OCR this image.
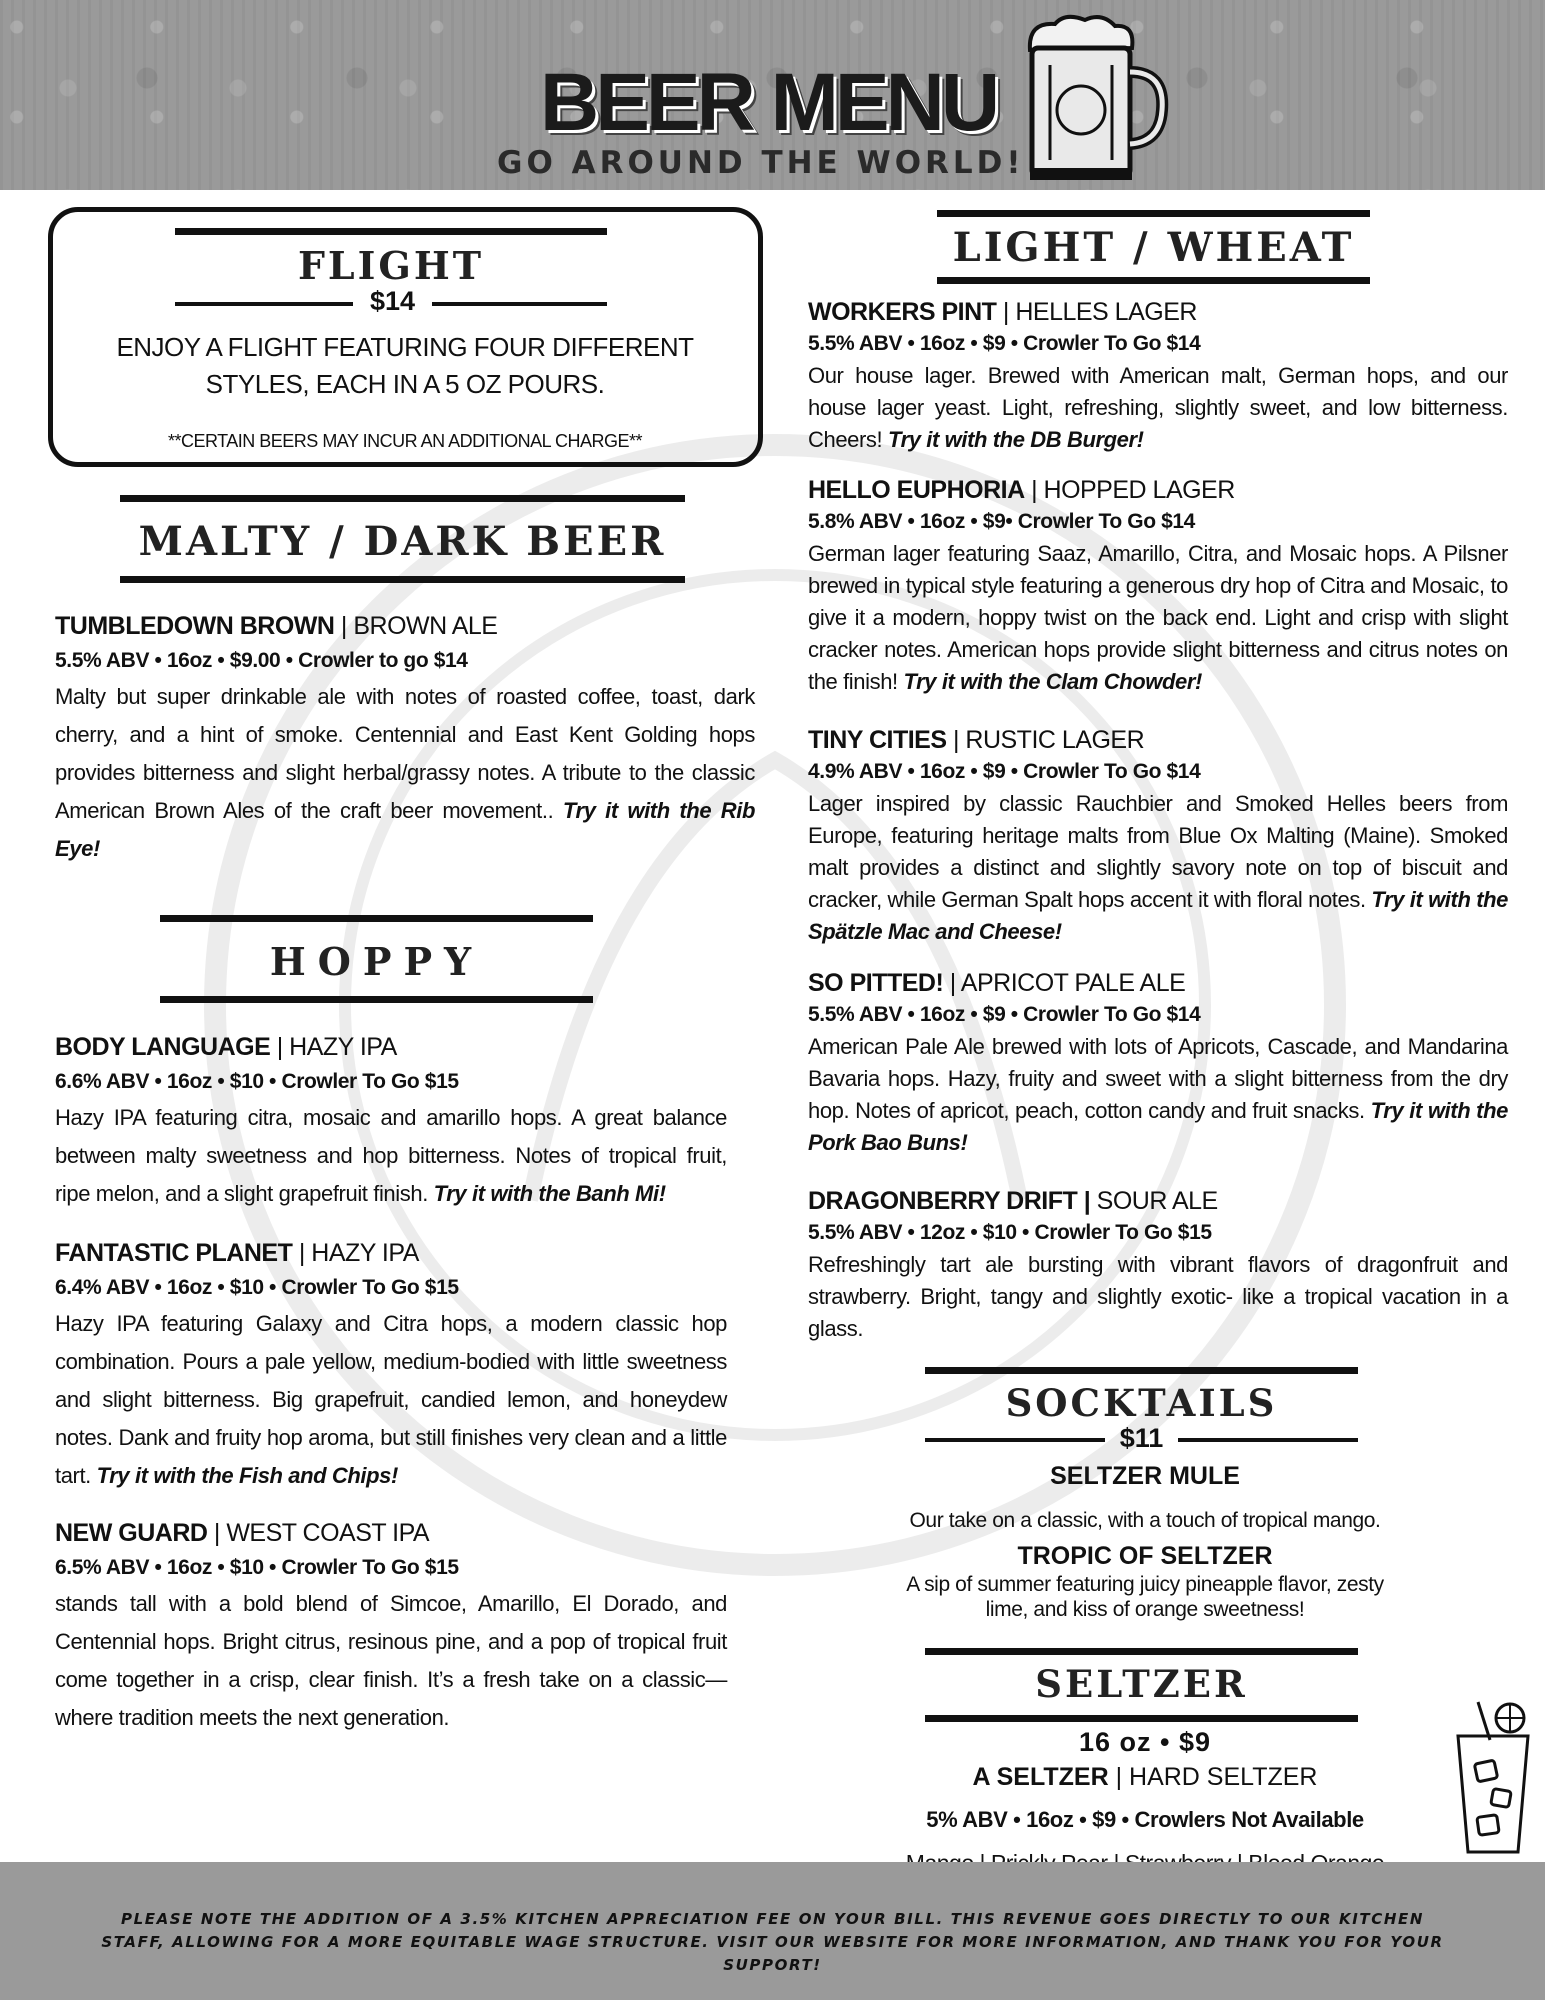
BEER MENU
GO AROUND THE WORLD!
FLIGHT
$14
ENJOY A FLIGHT FEATURING FOUR DIFFERENT
STYLES, EACH IN A 5 OZ POURS.
**CERTAIN BEERS MAY INCUR AN ADDITIONAL CHARGE**
MALTY / DARK BEER
TUMBLEDOWN BROWN | BROWN ALE
5.5% ABV • 16oz • $9.00 • Crowler to go $14
Malty but super drinkable ale with notes of roasted coffee, toast, dark cherry, and a hint of smoke. Centennial and East Kent Golding hops provides bitterness and slight herbal/grassy notes. A tribute to the classic American Brown Ales of the craft beer movement.. Try it with the Rib Eye!
HOPPY
BODY LANGUAGE | HAZY IPA
6.6% ABV • 16oz • $10 • Crowler To Go $15
Hazy IPA featuring citra, mosaic and amarillo hops. A great balance between malty sweetness and hop bitterness. Notes of tropical fruit, ripe melon, and a slight grapefruit finish. Try it with the Banh Mi!
FANTASTIC PLANET | HAZY IPA
6.4% ABV • 16oz • $10 • Crowler To Go $15
Hazy IPA featuring Galaxy and Citra hops, a modern classic hop combination. Pours a pale yellow, medium-bodied with little sweetness and slight bitterness. Big grapefruit, candied lemon, and honeydew notes. Dank and fruity hop aroma, but still finishes very clean and a little tart. Try it with the Fish and Chips!
NEW GUARD | WEST COAST IPA
6.5% ABV • 16oz • $10 • Crowler To Go $15
stands tall with a bold blend of Simcoe, Amarillo, El Dorado, and Centennial hops. Bright citrus, resinous pine, and a pop of tropical fruit come together in a crisp, clear finish. It’s a fresh take on a classic—where tradition meets the next generation.
LIGHT / WHEAT
WORKERS PINT | HELLES LAGER
5.5% ABV • 16oz • $9 • Crowler To Go $14
Our house lager. Brewed with American malt, German hops, and our house lager yeast. Light, refreshing, slightly sweet, and low bitterness. Cheers! Try it with the DB Burger!
HELLO EUPHORIA | HOPPED LAGER
5.8% ABV • 16oz • $9• Crowler To Go $14
German lager featuring Saaz, Amarillo, Citra, and Mosaic hops. A Pilsner brewed in typical style featuring a generous dry hop of Citra and Mosaic, to give it a modern, hoppy twist on the back end. Light and crisp with slight cracker notes. American hops provide slight bitterness and citrus notes on the finish! Try it with the Clam Chowder!
TINY CITIES | RUSTIC LAGER
4.9% ABV • 16oz • $9 • Crowler To Go $14
Lager inspired by classic Rauchbier and Smoked Helles beers from Europe, featuring heritage malts from Blue Ox Malting (Maine). Smoked malt provides a distinct and slightly savory note on top of biscuit and cracker, while German Spalt hops accent it with floral notes. Try it with the Spätzle Mac and Cheese!
SO PITTED! | APRICOT PALE ALE
5.5% ABV • 16oz • $9 • Crowler To Go $14
American Pale Ale brewed with lots of Apricots, Cascade, and Mandarina Bavaria hops. Hazy, fruity and sweet with a slight bitterness from the dry hop. Notes of apricot, peach, cotton candy and fruit snacks. Try it with the Pork Bao Buns!
DRAGONBERRY DRIFT | SOUR ALE
5.5% ABV • 12oz • $10 • Crowler To Go $15
Refreshingly tart ale bursting with vibrant flavors of dragonfruit and strawberry. Bright, tangy and slightly exotic- like a tropical vacation in a glass.
SOCKTAILS
$11
SELTZER MULE
Our take on a classic, with a touch of tropical mango.
TROPIC OF SELTZER
A sip of summer featuring juicy pineapple flavor, zesty
lime, and kiss of orange sweetness!
SELTZER
16 oz • $9
A SELTZER | HARD SELTZER
5% ABV • 16oz • $9 • Crowlers Not Available
PLEASE NOTE THE ADDITION OF A 3.5% KITCHEN APPRECIATION FEE ON YOUR BILL. THIS REVENUE GOES DIRECTLY TO OUR KITCHEN STAFF, ALLOWING FOR A MORE EQUITABLE WAGE STRUCTURE. VISIT OUR WEBSITE FOR MORE INFORMATION, AND THANK YOU FOR YOUR SUPPORT!
